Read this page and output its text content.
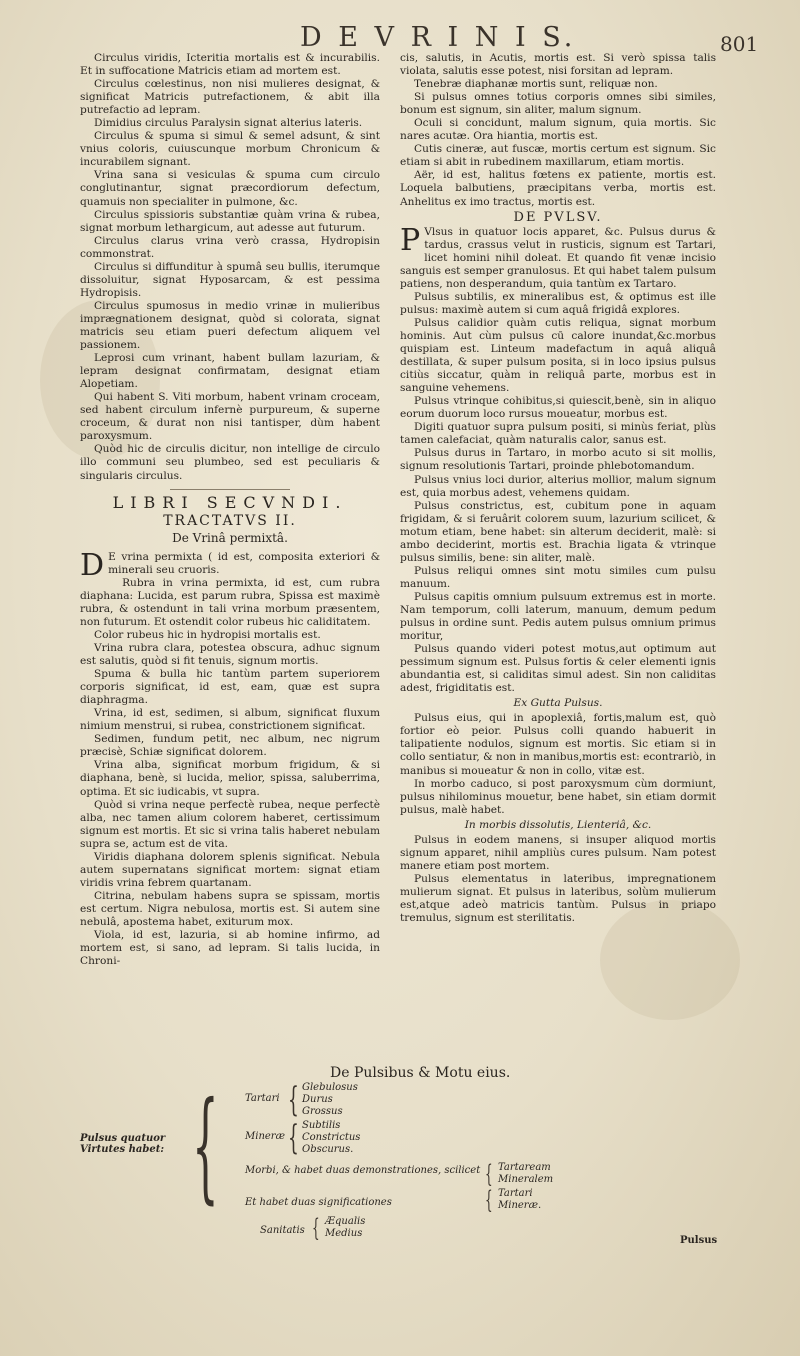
D E V R I N I S.	801

Circulus viridis, Icteritia mortalis est & incurabilis. Et in suffocatione Matricis etiam ad mortem est.

Circulus cœlestinus, non nisi mulieres designat, & significat Matricis putrefactionem, & abit illa putrefactio ad lepram.

Dimidius circulus Paralysin signat alterius lateris.

Circulus & spuma si simul & semel adsunt, & sint vnius coloris, cuiuscunque morbum Chronicum & incurabilem signant.

Vrina sana si vesiculas & spuma cum circulo conglutinantur, signat præcordiorum defectum, quamuis non specialiter in pulmone, &c.

Circulus spissioris substantiæ quàm vrina & rubea, signat morbum lethargicum, aut adesse aut futurum.

Circulus clarus vrina verò crassa, Hydropisin commonstrat.

Circulus si diffunditur à spumâ seu bullis, iterumque dissoluitur, signat Hyposarcam, & est pessima Hydropisis.

Circulus spumosus in medio vrinæ in mulieribus imprægnationem designat, quòd si colorata, signat matricis seu etiam pueri defectum aliquem vel passionem.

Leprosi cum vrinant, habent bullam lazuriam, & lepram designat confirmatam, designat etiam Alopetiam.

Qui habent S. Viti morbum, habent vrinam croceam, sed habent circulum infernè purpureum, & superne croceum, & durat non nisi tantisper, dùm habent paroxysmum.

Quòd hic de circulis dicitur, non intellige de circulo illo communi seu plumbeo, sed est peculiaris & singularis circulus.

LIBRI SECVNDI.
TRACTATVS II.
De Vrinâ permixtâ.
D E vrina permixta ( id est, composita exteriori & minerali seu cruoris.

Rubra in vrina permixta, id est, cum rubra diaphana: Lucida, est parum rubra, Spissa est maximè rubra, & ostendunt in tali vrina morbum præsentem, non futurum. Et ostendit color rubeus hic caliditatem.

Color rubeus hic in hydropisi mortalis est.

Vrina rubra clara, potestea obscura, adhuc signum est salutis, quòd si fit tenuis, signum mortis.

Spuma & bulla hic tantùm partem superiorem corporis significat, id est, eam, quæ est supra diaphragma.

Vrina, id est, sedimen, si album, significat fluxum nimium menstrui, si rubea, constrictionem significat.

Sedimen, fundum petit, nec album, nec nigrum præcisè, Schiæ significat dolorem.

Vrina alba, significat morbum frigidum, & si diaphana, benè, si lucida, melior, spissa, saluberrima, optima. Et sic iudicabis, vt supra.

Quòd si vrina neque perfectè rubea, neque perfectè alba, nec tamen alium colorem haberet, certissimum signum est mortis. Et sic si vrina talis haberet nebulam supra se, actum est de vita.

Viridis diaphana dolorem splenis significat. Nebula autem supernatans significat mortem: signat etiam viridis vrina febrem quartanam.

Citrina, nebulam habens supra se spissam, mortis est certum. Nigra nebulosa, mortis est. Si autem sine nebulâ, apostema habet, exiturum mox.

Viola, id est, lazuria, si ab homine infirmo, ad mortem est, si sano, ad lepram. Si talis lucida, in Chroni-

cis, salutis, in Acutis, mortis est. Si verò spissa talis violata, salutis esse potest, nisi forsitan ad lepram.

Tenebræ diaphanæ mortis sunt, reliquæ non.

Si pulsus omnes totius corporis omnes sibi similes, bonum est signum, sin aliter, malum signum.

Oculi si concidunt, malum signum, quia mortis. Sic nares acutæ. Ora hiantia, mortis est.

Cutis cineræ, aut fuscæ, mortis certum est signum. Sic etiam si abit in rubedinem maxillarum, etiam mortis.

Aër, id est, halitus fœtens ex patiente, mortis est. Loquela balbutiens, præcipitans verba, mortis est. Anhelitus ex imo tractus, mortis est.

DE PVLSV.
P Vlsus in quatuor locis apparet, &c. Pulsus durus & tardus, crassus velut in rusticis, signum est Tartari, licet homini nihil doleat. Et quando fit venæ incisio sanguis est semper granulosus. Et qui habet talem pulsum patiens, non desperandum, quia tantùm ex Tartaro.

Pulsus subtilis, ex mineralibus est, & optimus est ille pulsus: maximè autem si cum aquâ frigidâ explores.

Pulsus calidior quàm cutis reliqua, signat morbum hominis. Aut cùm pulsus cū calore inundat,&c.morbus quispiam est. Linteum madefactum in aquâ aliquâ destillata, & super pulsum posita, si in loco ipsius pulsus citiùs siccatur, quàm in reliquâ parte, morbus est in sanguine vehemens.

Pulsus vtrinque cohibitus,si quiescit,benè, sin in aliquo eorum duorum loco rursus moueatur, morbus est.

Digiti quatuor supra pulsum positi, si minùs feriat, plùs tamen calefaciat, quàm naturalis calor, sanus est.

Pulsus durus in Tartaro, in morbo acuto si sit mollis, signum resolutionis Tartari, proinde phlebotomandum.

Pulsus vnius loci durior, alterius mollior, malum signum est, quia morbus adest, vehemens quidam.

Pulsus constrictus, est, cubitum pone in aquam frigidam, & si feruârit colorem suum, lazurium scilicet, & motum etiam, bene habet: sin alterum deciderit, malè: si ambo deciderint, mortis est. Brachia ligata & vtrinque pulsus similis, bene: sin aliter, malè.

Pulsus reliqui omnes sint motu similes cum pulsu manuum.

Pulsus capitis omnium pulsuum extremus est in morte. Nam temporum, colli laterum, manuum, demum pedum pulsus in ordine sunt. Pedis autem pulsus omnium primus moritur,

Pulsus quando videri potest motus,aut optimum aut pessimum signum est. Pulsus fortis & celer elementi ignis abundantia est, si caliditas simul adest. Sin non caliditas adest, frigiditatis est.

Ex Gutta Pulsus.

Pulsus eius, qui in apoplexiâ, fortis,malum est, quò fortior eò peior. Pulsus colli quando habuerit in talipatiente nodulos, signum est mortis. Sic etiam si in collo sentiatur, & non in manibus,mortis est: econtrariò, in manibus si moueatur & non in collo, vitæ est.

In morbo caduco, si post paroxysmum cùm dormiunt, pulsus nihilominus mouetur, bene habet, sin etiam dormit pulsus, malè habet.

In morbis dissolutis, Lienteriâ, &c.

Pulsus in eodem manens, si insuper aliquod mortis signum apparet, nihil ampliùs cures pulsum. Nam potest manere etiam post mortem.

Pulsus elementatus in lateribus, impregnationem mulierum signat. Et pulsus in lateribus, solùm mulierum est,atque adeò matricis tantùm. Pulsus in priapo tremulus, signum est sterilitatis.

De Pulsibus & Motu eius.
Pulsus quatuor Virtutes habet: {	Tartari { Glebulosus
Durus
Grossus
Mineræ { Subtilis
Constrictus
Obscurus.
Morbi, & habet duas demonstrationes, scilicet { Tartaream
Mineralem
Et habet duas significationes	{ Tartari
Mineræ.
Sanitatis { Æqualis
Medius
Pulsus
